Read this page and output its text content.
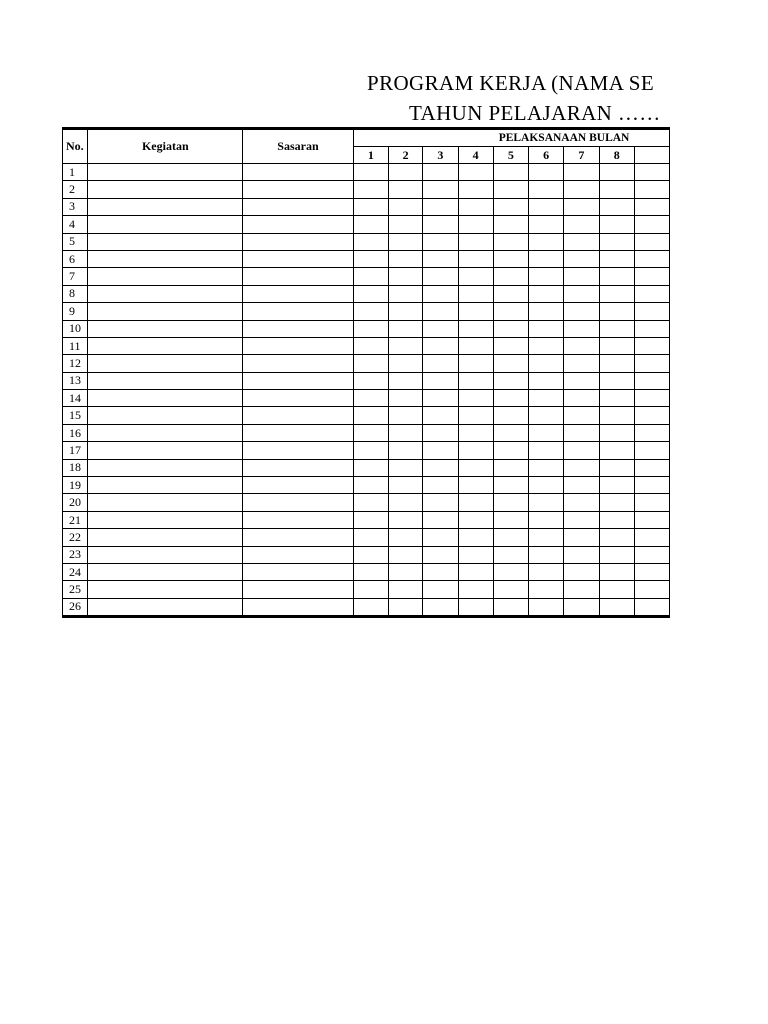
PROGRAM KERJA (NAMA SE
TAHUN PELAJARAN ……
No.	Kegiatan	Sasaran	PELAKSANAAN BULAN								
			1	2	3	4	5	6	7	8	
1											
2											
3											
4											
5											
6											
7											
8											
9											
10											
11											
12											
13											
14											
15											
16											
17											
18											
19											
20											
21											
22											
23											
24											
25											
26											
